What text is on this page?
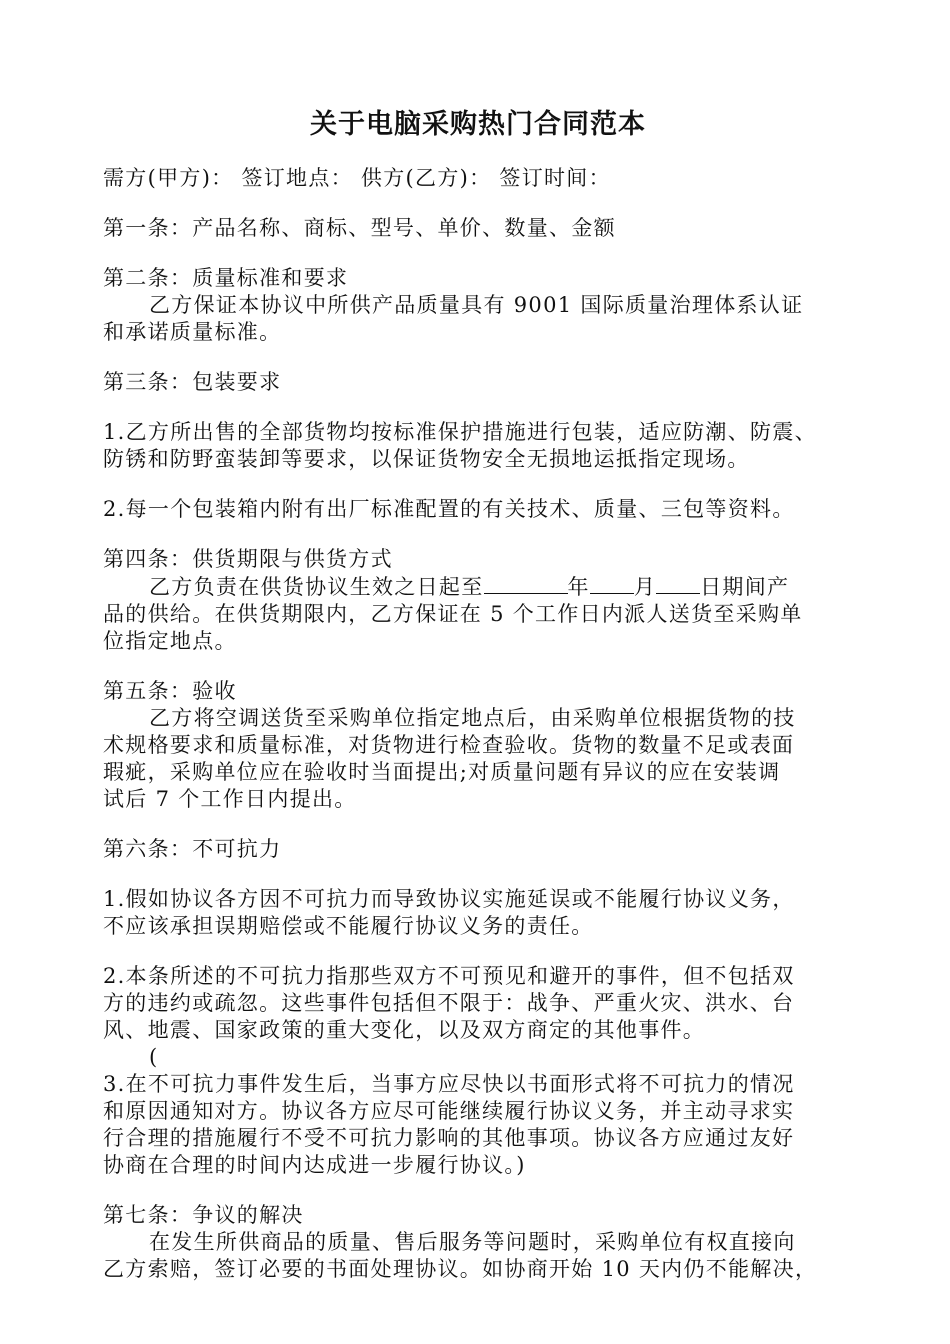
关于电脑采购热门合同范本
需方(甲方)： 签订地点： 供方(乙方)： 签订时间：
第一条：产品名称、商标、型号、单价、数量、金额
第二条：质量标准和要求
乙方保证本协议中所供产品质量具有 9001 国际质量治理体系认证
和承诺质量标准。
第三条：包装要求
1.乙方所出售的全部货物均按标准保护措施进行包装，适应防潮、防震、
防锈和防野蛮装卸等要求，以保证货物安全无损地运抵指定现场。
2.每一个包装箱内附有出厂标准配置的有关技术、质量、三包等资料。
第四条：供货期限与供货方式
乙方负责在供货协议生效之日起至	年 月 日期间产
品的供给。在供货期限内，乙方保证在 5 个工作日内派人送货至采购单
位指定地点。
第五条：验收
乙方将空调送货至采购单位指定地点后，由采购单位根据货物的技
术规格要求和质量标准，对货物进行检查验收。货物的数量不足或表面
瑕疵，采购单位应在验收时当面提出;对质量问题有异议的应在安装调
试后 7 个工作日内提出。
第六条：不可抗力
1.假如协议各方因不可抗力而导致协议实施延误或不能履行协议义务，
不应该承担误期赔偿或不能履行协议义务的责任。
2.本条所述的不可抗力指那些双方不可预见和避开的事件，但不包括双
方的违约或疏忽。这些事件包括但不限于：战争、严重火灾、洪水、台
风、地震、国家政策的重大变化，以及双方商定的其他事件。
(
3.在不可抗力事件发生后，当事方应尽快以书面形式将不可抗力的情况
和原因通知对方。协议各方应尽可能继续履行协议义务，并主动寻求实
行合理的措施履行不受不可抗力影响的其他事项。协议各方应通过友好
协商在合理的时间内达成进一步履行协议。)
第七条：争议的解决
在发生所供商品的质量、售后服务等问题时，采购单位有权直接向
乙方索赔，签订必要的书面处理协议。如协商开始 10 天内仍不能解决，
